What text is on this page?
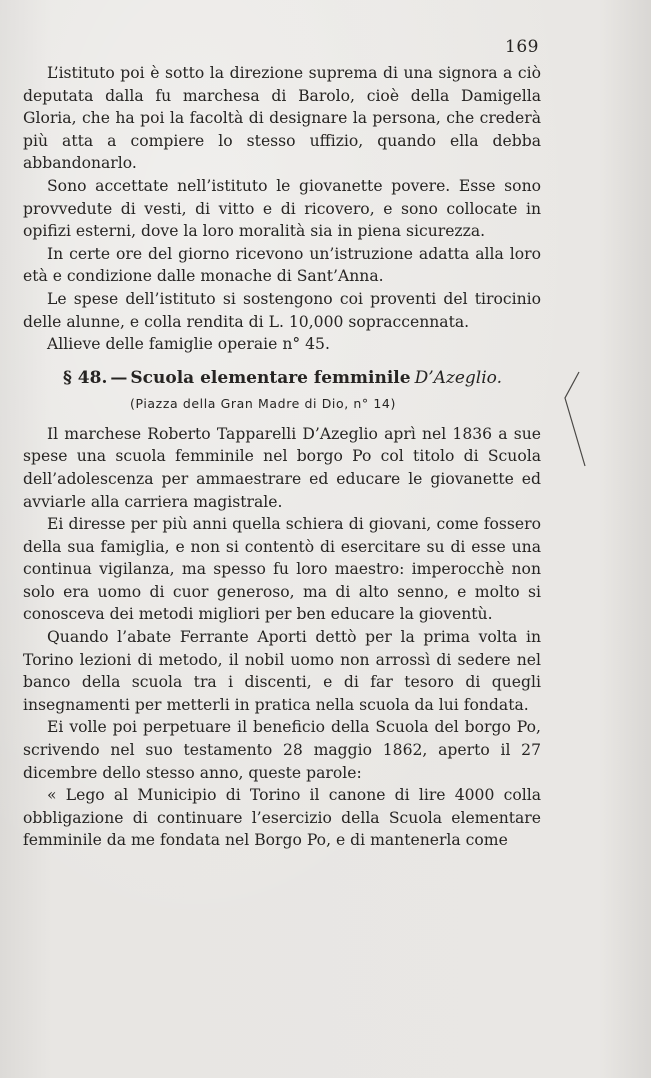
169

L’istituto poi è sotto la direzione suprema di una signora a ciò deputata dalla fu marchesa di Barolo, cioè della Damigella Gloria, che ha poi la facoltà di designare la persona, che crederà più atta a compiere lo stesso uffizio, quando ella debba abbandonarlo.

Sono accettate nell’istituto le giovanette povere. Esse sono provvedute di vesti, di vitto e di ricovero, e sono collocate in opifizi esterni, dove la loro moralità sia in piena sicurezza.

In certe ore del giorno ricevono un’istruzione adatta alla loro età e condizione dalle monache di Sant’Anna.

Le spese dell’istituto si sostengono coi proventi del tirocinio delle alunne, e colla rendita di L. 10,000 sopraccennata.

Allieve delle famiglie operaie n° 45.

§ 48. — Scuola elementare femminile D’Azeglio.
(Piazza della Gran Madre di Dio, n° 14)

Il marchese Roberto Tapparelli D’Azeglio aprì nel 1836 a sue spese una scuola femminile nel borgo Po col titolo di Scuola dell’adolescenza per ammaestrare ed educare le giovanette ed avviarle alla carriera magistrale.

Ei diresse per più anni quella schiera di giovani, come fossero della sua famiglia, e non si contentò di esercitare su di esse una continua vigilanza, ma spesso fu loro maestro: imperocchè non solo era uomo di cuor generoso, ma di alto senno, e molto si conosceva dei metodi migliori per ben educare la gioventù.

Quando l’abate Ferrante Aporti dettò per la prima volta in Torino lezioni di metodo, il nobil uomo non arrossì di sedere nel banco della scuola tra i discenti, e di far tesoro di quegli insegnamenti per metterli in pratica nella scuola da lui fondata.

Ei volle poi perpetuare il beneficio della Scuola del borgo Po, scrivendo nel suo testamento 28 maggio 1862, aperto il 27 dicembre dello stesso anno, queste parole:

« Lego al Municipio di Torino il canone di lire 4000 colla obbligazione di continuare l’esercizio della Scuola elementare femminile da me fondata nel Borgo Po, e di mantenerla come
